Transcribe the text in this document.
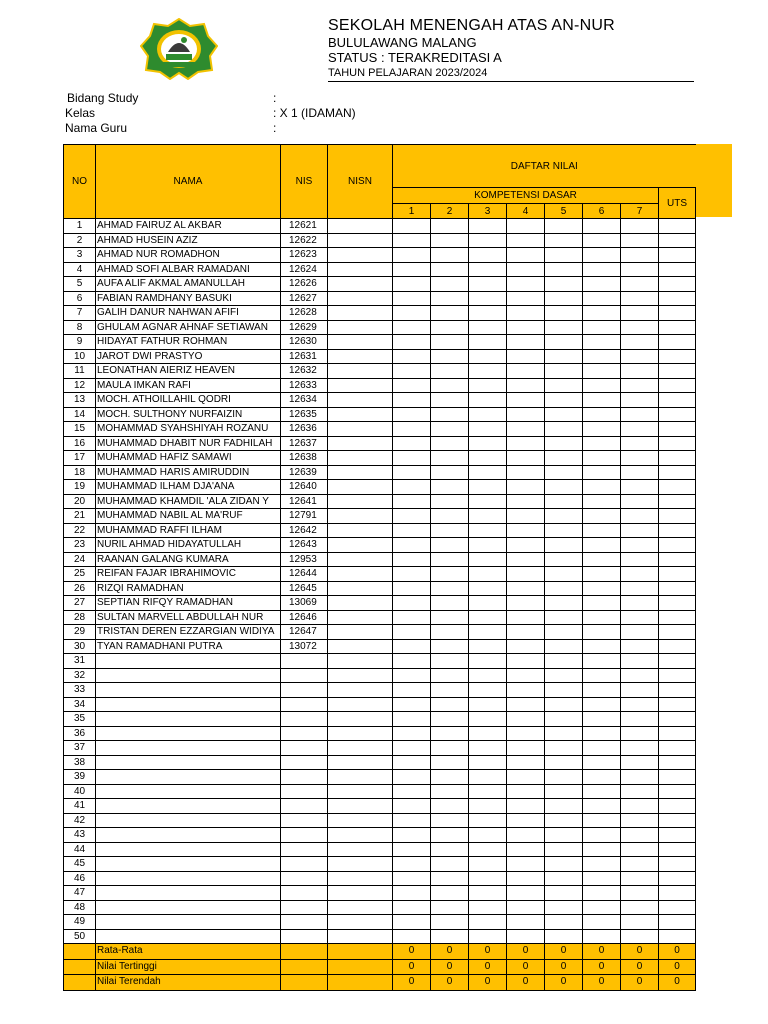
SEKOLAH MENENGAH ATAS AN-NUR
BULULAWANG MALANG
STATUS : TERAKREDITASI A
TAHUN PELAJARAN 2023/2024
Bidang Study	:
Kelas	: X 1 (IDAMAN)
Nama Guru	:
NO	NAMA	NIS	NISN	DAFTAR NILAI							
				KOMPETENSI DASAR							UTS
				1	2	3	4	5	6	7	
1	AHMAD FAIRUZ AL AKBAR	12621									
2	AHMAD HUSEIN AZIZ	12622									
3	AHMAD NUR ROMADHON	12623									
4	AHMAD SOFI ALBAR RAMADANI	12624									
5	AUFA ALIF AKMAL AMANULLAH	12626									
6	FABIAN RAMDHANY BASUKI	12627									
7	GALIH DANUR NAHWAN AFIFI	12628									
8	GHULAM AGNAR AHNAF SETIAWAN	12629									
9	HIDAYAT FATHUR ROHMAN	12630									
10	JAROT DWI PRASTYO	12631									
11	LEONATHAN AIERIZ HEAVEN	12632									
12	MAULA IMKAN RAFI	12633									
13	MOCH. ATHOILLAHIL QODRI	12634									
14	MOCH. SULTHONY NURFAIZIN	12635									
15	MOHAMMAD SYAHSHIYAH ROZANU	12636									
16	MUHAMMAD DHABIT NUR FADHILAH	12637									
17	MUHAMMAD HAFIZ SAMAWI	12638									
18	MUHAMMAD HARIS AMIRUDDIN	12639									
19	MUHAMMAD ILHAM DJA'ANA	12640									
20	MUHAMMAD KHAMDIL 'ALA ZIDAN Y	12641									
21	MUHAMMAD NABIL AL MA'RUF	12791									
22	MUHAMMAD RAFFI ILHAM	12642									
23	NURIL AHMAD HIDAYATULLAH	12643									
24	RAANAN GALANG KUMARA	12953									
25	REIFAN FAJAR IBRAHIMOVIC	12644									
26	RIZQI RAMADHAN	12645									
27	SEPTIAN RIFQY RAMADHAN	13069									
28	SULTAN MARVELL ABDULLAH NUR	12646									
29	TRISTAN DEREN EZZARGIAN WIDIYA	12647									
30	TYAN RAMADHANI PUTRA	13072									
31											
32											
33											
34											
35											
36											
37											
38											
39											
40											
41											
42											
43											
44											
45											
46											
47											
48											
49											
50											
	Rata-Rata			0	0	0	0	0	0	0	0
	Nilai Tertinggi			0	0	0	0	0	0	0	0
	Nilai Terendah			0	0	0	0	0	0	0	0
